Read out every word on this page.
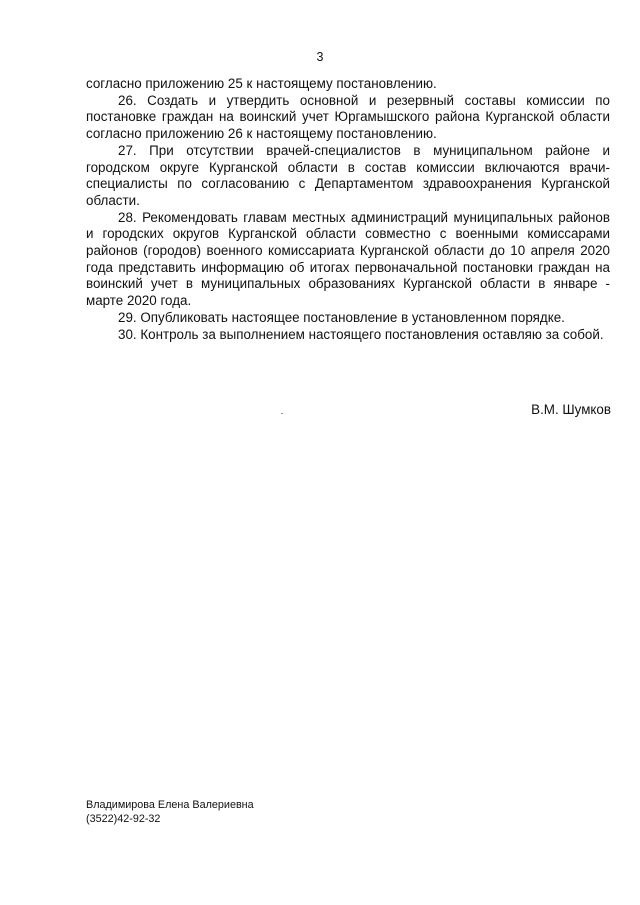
3

согласно приложению 25 к настоящему постановлению.

26. Создать и утвердить основной и резервный составы комиссии по постановке граждан на воинский учет Юргамышского района Курганской области согласно приложению 26 к настоящему постановлению.

27. При отсутствии врачей-специалистов в муниципальном районе и городском округе Курганской области в состав комиссии включаются врачи-специалисты по согласованию с Департаментом здравоохранения Курганской области.

28. Рекомендовать главам местных администраций муниципальных районов и городских округов Курганской области совместно с военными комиссарами районов (городов) военного комиссариата Курганской области до 10 апреля 2020 года представить информацию об итогах первоначальной постановки граждан на воинский учет в муниципальных образованиях Курганской области в январе - марте 2020 года.

29. Опубликовать настоящее постановление в установленном порядке.

30. Контроль за выполнением настоящего постановления оставляю за собой.

В.М. Шумков
Владимирова Елена Валериевна
(3522)42-92-32
